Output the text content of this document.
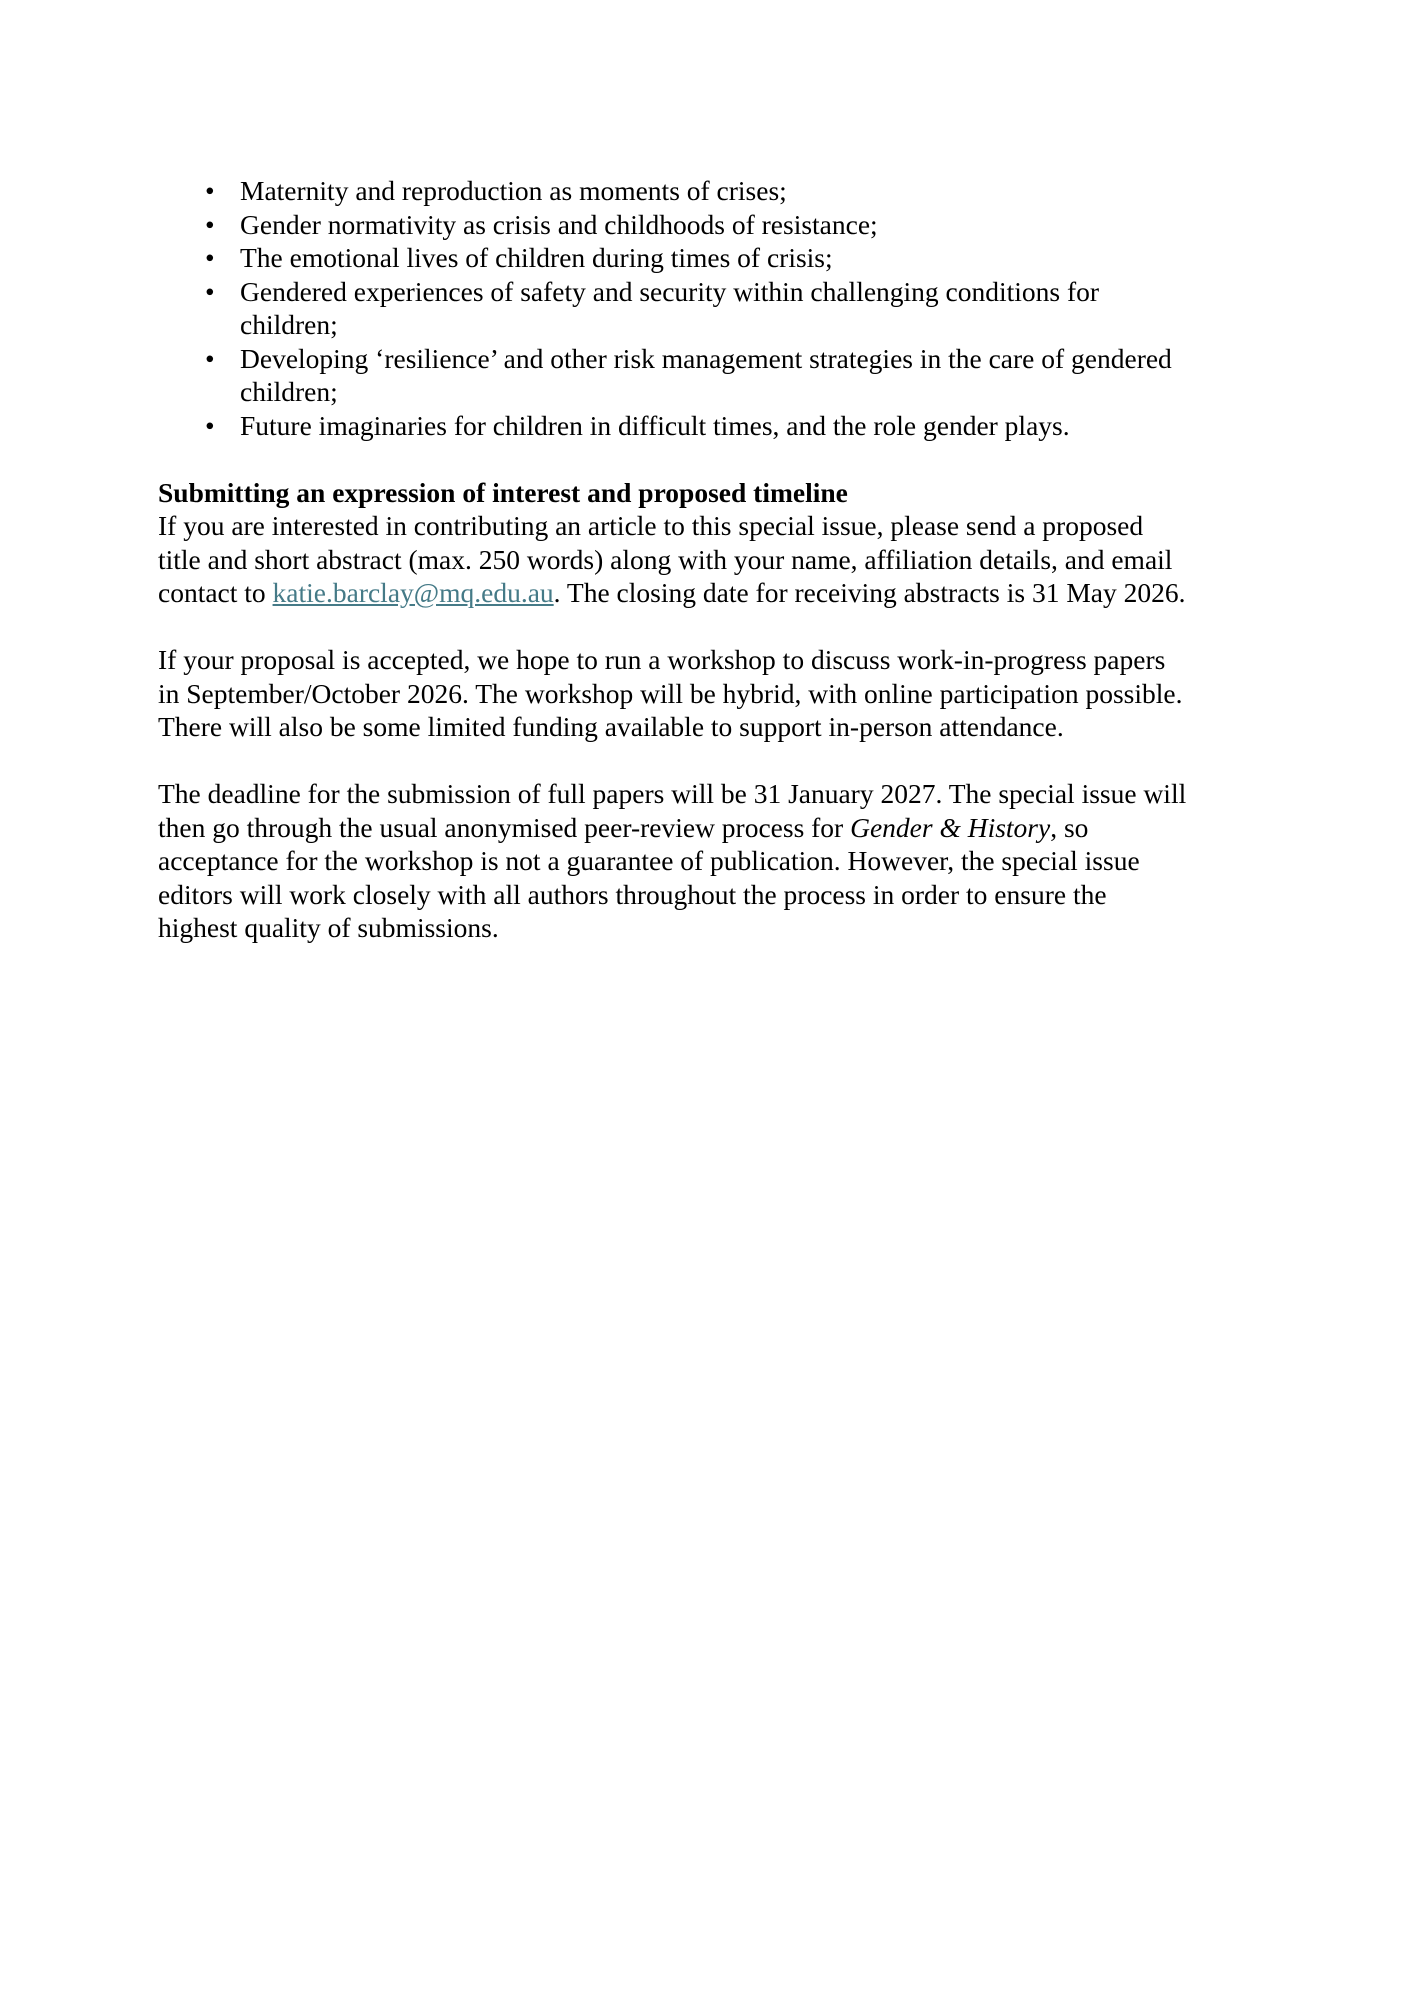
• Maternity and reproduction as moments of crises;
• Gender normativity as crisis and childhoods of resistance;
• The emotional lives of children during times of crisis;
• Gendered experiences of safety and security within challenging conditions for
children;
• Developing ‘resilience’ and other risk management strategies in the care of gendered
children;
• Future imaginaries for children in difficult times, and the role gender plays.
Submitting an expression of interest and proposed timeline

If you are interested in contributing an article to this special issue, please send a proposed
title and short abstract (max. 250 words) along with your name, affiliation details, and email
contact to katie.barclay@mq.edu.au. The closing date for receiving abstracts is 31 May 2026.

If your proposal is accepted, we hope to run a workshop to discuss work-in-progress papers
in September/October 2026. The workshop will be hybrid, with online participation possible.
There will also be some limited funding available to support in-person attendance.

The deadline for the submission of full papers will be 31 January 2027. The special issue will
then go through the usual anonymised peer-review process for Gender & History, so
acceptance for the workshop is not a guarantee of publication. However, the special issue
editors will work closely with all authors throughout the process in order to ensure the
highest quality of submissions.
